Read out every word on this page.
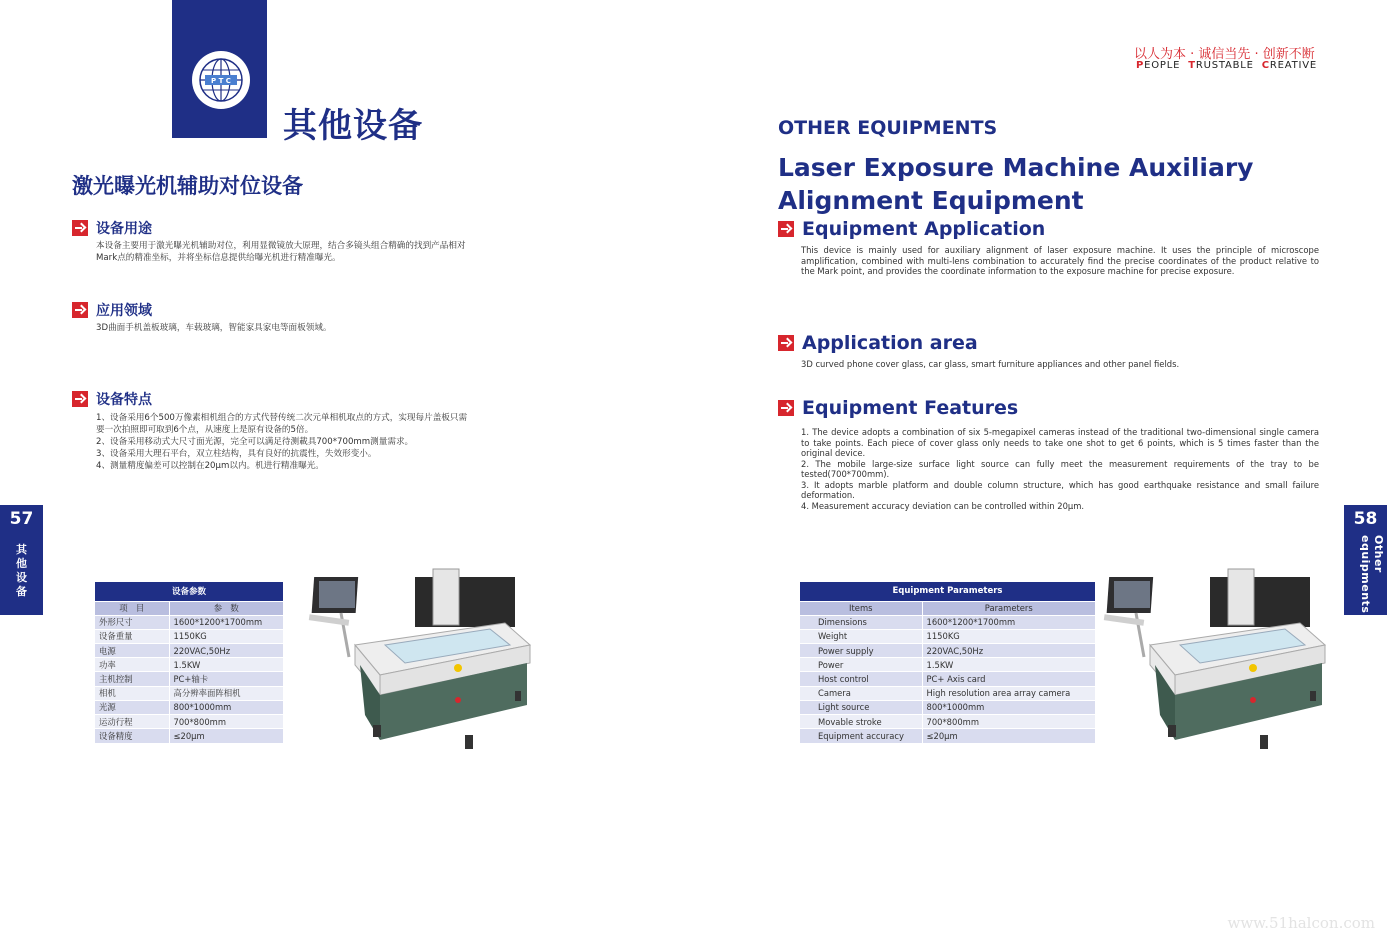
P T C
其他设备
激光曝光机辅助对位设备
设备用途
本设备主要用于激光曝光机辅助对位，利用显微镜放大原理，结合多镜头组合精确的找到产品相对
Mark点的精准坐标，并将坐标信息提供给曝光机进行精准曝光。
应用领域
3D曲面手机盖板玻璃，车载玻璃，智能家具家电等面板领域。
设备特点
1、设备采用6个500万像素相机组合的方式代替传统二次元单相机取点的方式，实现每片盖板只需
要一次拍照即可取到6个点，从速度上是原有设备的5倍。
2、设备采用移动式大尺寸面光源，完全可以满足待测載具700*700mm测量需求。
3、设备采用大理石平台，双立柱结构，具有良好的抗震性，失效形变小。
4、测量精度偏差可以控制在20μm以内。机进行精准曝光。
57
其他设备	设备参数	
项　目	参　数
外形尺寸	1600*1200*1700mm
设备重量	1150KG
电源	220VAC,50Hz
功率	1.5KW
主机控制	PC+轴卡
相机	高分辨率面阵相机
光源	800*1000mm
运动行程	700*800mm
设备精度	≤20μm
以人为本 · 诚信当先 · 创新不断
PEOPLE TRUSTABLE CREATIVE
OTHER EQUIPMENTS
Laser Exposure Machine Auxiliary
Alignment Equipment
Equipment Application
This device is mainly used for auxiliary alignment of laser exposure machine. It uses the principle of microscope amplification, combined with multi-lens combination to accurately find the precise coordinates of the product relative to the Mark point, and provides the coordinate information to the exposure machine for precise exposure.
Application area
3D curved phone cover glass, car glass, smart furniture appliances and other panel fields.
Equipment Features
1. The device adopts a combination of six 5-megapixel cameras instead of the traditional two-dimensional single camera to take points. Each piece of cover glass only needs to take one shot to get 6 points, which is 5 times faster than the original device.
2. The mobile large-size surface light source can fully meet the measurement requirements of the tray to be tested(700*700mm).
3. It adopts marble platform and double column structure, which has good earthquake resistance and small failure deformation.
4. Measurement accuracy deviation can be controlled within 20μm.
58
Other equipments
Equipment Parameters	
Items	Parameters
Dimensions	1600*1200*1700mm
Weight	1150KG
Power supply	220VAC,50Hz
Power	1.5KW
Host control	PC+ Axis card
Camera	High resolution area array camera
Light source	800*1000mm
Movable stroke	700*800mm
Equipment accuracy	≤20μm
www.51halcon.com
